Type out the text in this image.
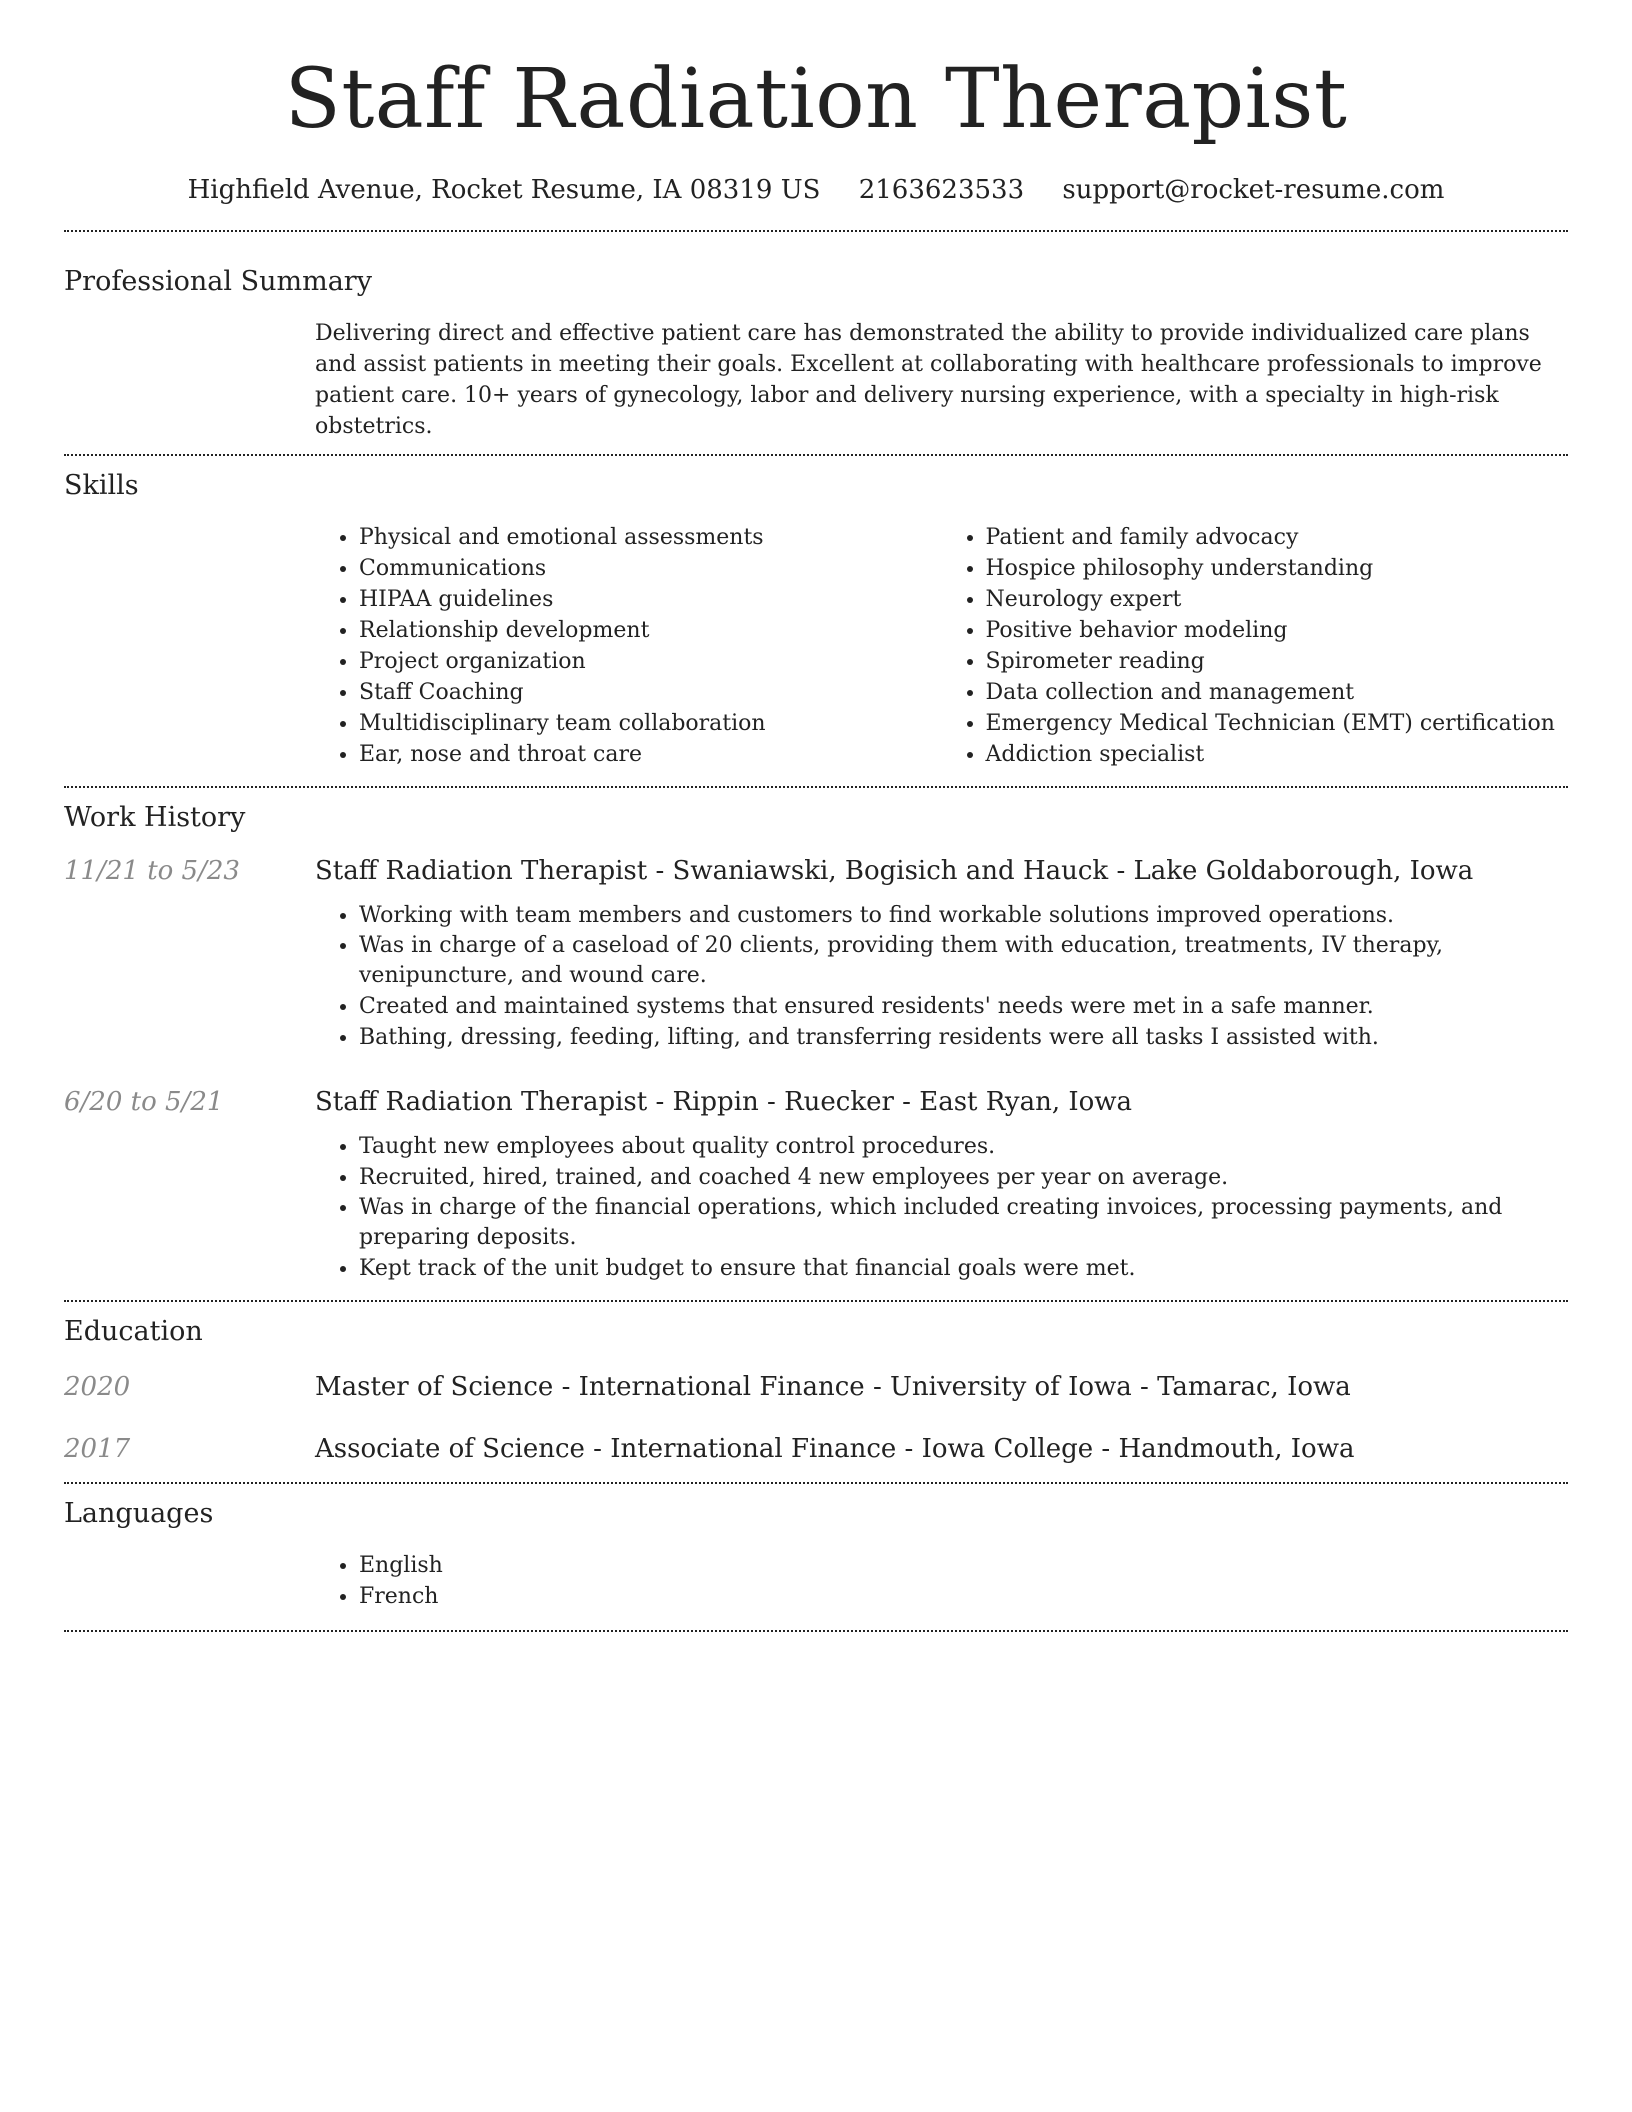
Staff Radiation Therapist
Highfield Avenue, Rocket Resume, IA 08319 US 2163623533 support@rocket-resume.com
Professional Summary
Delivering direct and effective patient care has demonstrated the ability to provide individualized care plans and assist patients in meeting their goals. Excellent at collaborating with healthcare professionals to improve patient care. 10+ years of gynecology, labor and delivery nursing experience, with a specialty in high-risk obstetrics.
Skills
• Physical and emotional assessments
• Communications
• HIPAA guidelines
• Relationship development
• Project organization
• Staff Coaching
• Multidisciplinary team collaboration
• Ear, nose and throat care
• Patient and family advocacy
• Hospice philosophy understanding
• Neurology expert
• Positive behavior modeling
• Spirometer reading
• Data collection and management
• Emergency Medical Technician (EMT) certification
• Addiction specialist
Work History
11/21 to 5/23	Staff Radiation Therapist - Swaniawski, Bogisich and Hauck - Lake Goldaborough, Iowa
• Working with team members and customers to find workable solutions improved operations.
• Was in charge of a caseload of 20 clients, providing them with education, treatments, IV therapy, venipuncture, and wound care.
• Created and maintained systems that ensured residents' needs were met in a safe manner.
• Bathing, dressing, feeding, lifting, and transferring residents were all tasks I assisted with.
6/20 to 5/21	Staff Radiation Therapist - Rippin - Ruecker - East Ryan, Iowa
• Taught new employees about quality control procedures.
• Recruited, hired, trained, and coached 4 new employees per year on average.
• Was in charge of the financial operations, which included creating invoices, processing payments, and preparing deposits.
• Kept track of the unit budget to ensure that financial goals were met.
Education
2020	Master of Science - International Finance - University of Iowa - Tamarac, Iowa
2017	Associate of Science - International Finance - Iowa College - Handmouth, Iowa
Languages
• English
• French
